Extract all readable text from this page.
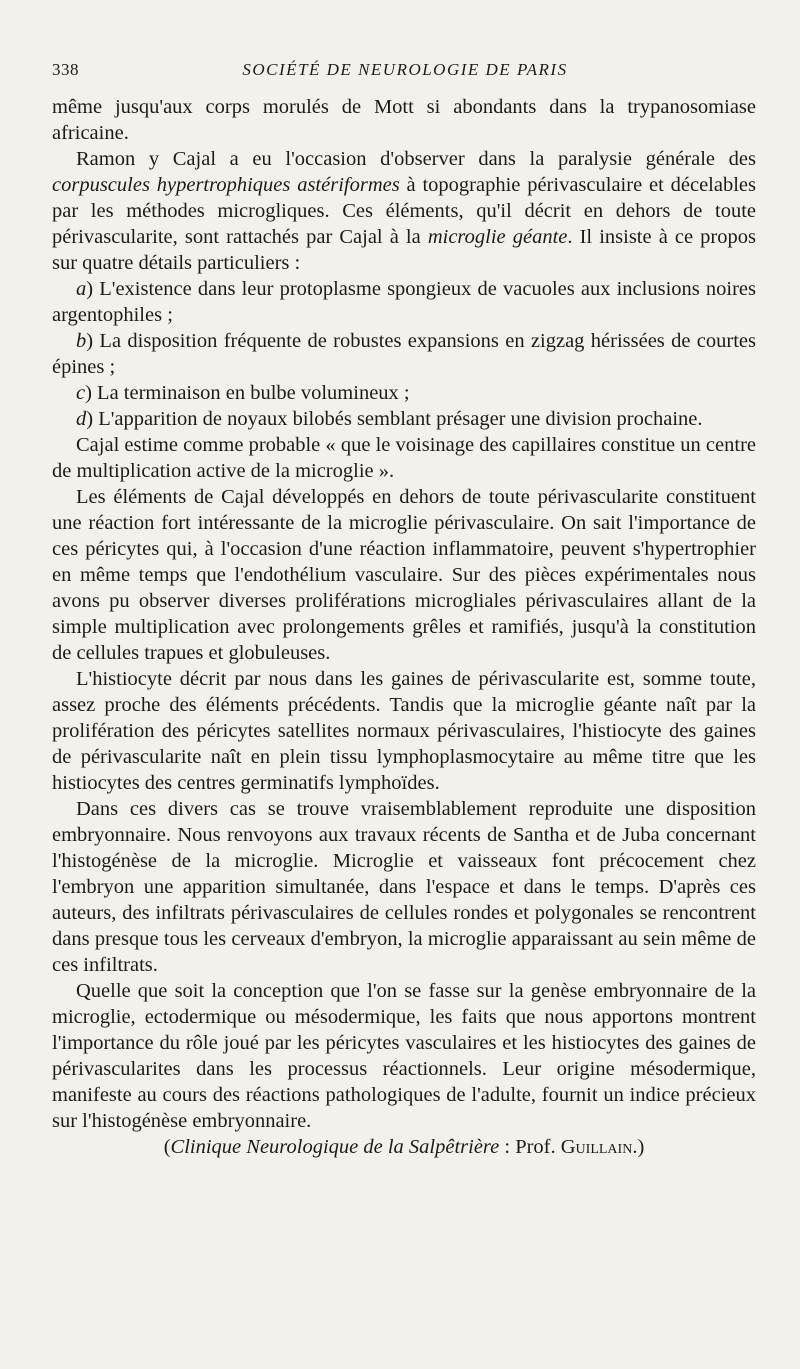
338	SOCIÉTÉ DE NEUROLOGIE DE PARIS

même jusqu'aux corps morulés de Mott si abondants dans la trypanosomiase africaine.

Ramon y Cajal a eu l'occasion d'observer dans la paralysie générale des corpuscules hypertrophiques astériformes à topographie périvasculaire et décelables par les méthodes microgliques. Ces éléments, qu'il décrit en dehors de toute périvascularite, sont rattachés par Cajal à la microglie géante. Il insiste à ce propos sur quatre détails particuliers :

a) L'existence dans leur protoplasme spongieux de vacuoles aux inclusions noires argentophiles ;

b) La disposition fréquente de robustes expansions en zigzag hérissées de courtes épines ;

c) La terminaison en bulbe volumineux ;

d) L'apparition de noyaux bilobés semblant présager une division prochaine.

Cajal estime comme probable « que le voisinage des capillaires constitue un centre de multiplication active de la microglie ».

Les éléments de Cajal développés en dehors de toute périvascularite constituent une réaction fort intéressante de la microglie périvasculaire. On sait l'importance de ces péricytes qui, à l'occasion d'une réaction inflammatoire, peuvent s'hypertrophier en même temps que l'endothélium vasculaire. Sur des pièces expérimentales nous avons pu observer diverses proliférations microgliales périvasculaires allant de la simple multiplication avec prolongements grêles et ramifiés, jusqu'à la constitution de cellules trapues et globuleuses.

L'histiocyte décrit par nous dans les gaines de périvascularite est, somme toute, assez proche des éléments précédents. Tandis que la microglie géante naît par la prolifération des péricytes satellites normaux périvasculaires, l'histiocyte des gaines de périvascularite naît en plein tissu lymphoplasmocytaire au même titre que les histiocytes des centres germinatifs lymphoïdes.

Dans ces divers cas se trouve vraisemblablement reproduite une disposition embryonnaire. Nous renvoyons aux travaux récents de Santha et de Juba concernant l'histogénèse de la microglie. Microglie et vaisseaux font précocement chez l'embryon une apparition simultanée, dans l'espace et dans le temps. D'après ces auteurs, des infiltrats périvasculaires de cellules rondes et polygonales se rencontrent dans presque tous les cerveaux d'embryon, la microglie apparaissant au sein même de ces infiltrats.

Quelle que soit la conception que l'on se fasse sur la genèse embryonnaire de la microglie, ectodermique ou mésodermique, les faits que nous apportons montrent l'importance du rôle joué par les péricytes vasculaires et les histiocytes des gaines de périvascularites dans les processus réactionnels. Leur origine mésodermique, manifeste au cours des réactions pathologiques de l'adulte, fournit un indice précieux sur l'histogénèse embryonnaire.

(Clinique Neurologique de la Salpêtrière : Prof. Guillain.)
